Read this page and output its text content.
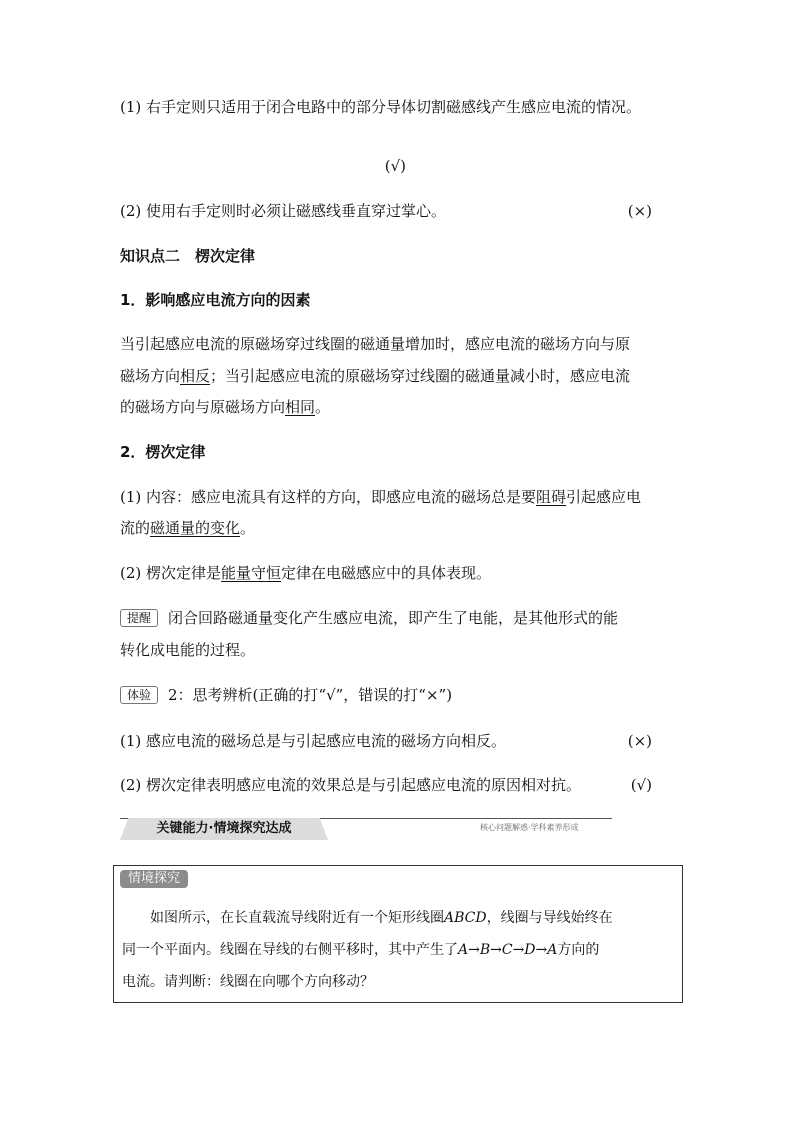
(1) 右手定则只适用于闭合电路中的部分导体切割磁感线产生感应电流的情况。
(√)
(2) 使用右手定则时必须让磁感线垂直穿过掌心。	(×)
知识点二　楞次定律
1．影响感应电流方向的因素
当引起感应电流的原磁场穿过线圈的磁通量增加时，感应电流的磁场方向与原
磁场方向相反；当引起感应电流的原磁场穿过线圈的磁通量减小时，感应电流
的磁场方向与原磁场方向相同。
2．楞次定律
(1) 内容：感应电流具有这样的方向，即感应电流的磁场总是要阻碍引起感应电
流的磁通量的变化。
(2) 楞次定律是能量守恒定律在电磁感应中的具体表现。
提醒 闭合回路磁通量变化产生感应电流，即产生了电能，是其他形式的能
转化成电能的过程。
体验 2：思考辨析(正确的打“√”，错误的打“×”)
(1) 感应电流的磁场总是与引起感应电流的磁场方向相反。	(×)
(2) 楞次定律表明感应电流的效果总是与引起感应电流的原因相对抗。	(√)
关键能力·情境探究达成	核心问题解惑·学科素养形成
情境探究
如图所示，在长直载流导线附近有一个矩形线圈ABCD，线圈与导线始终在
同一个平面内。线圈在导线的右侧平移时，其中产生了A→B→C→D→A方向的
电流。请判断：线圈在向哪个方向移动？
